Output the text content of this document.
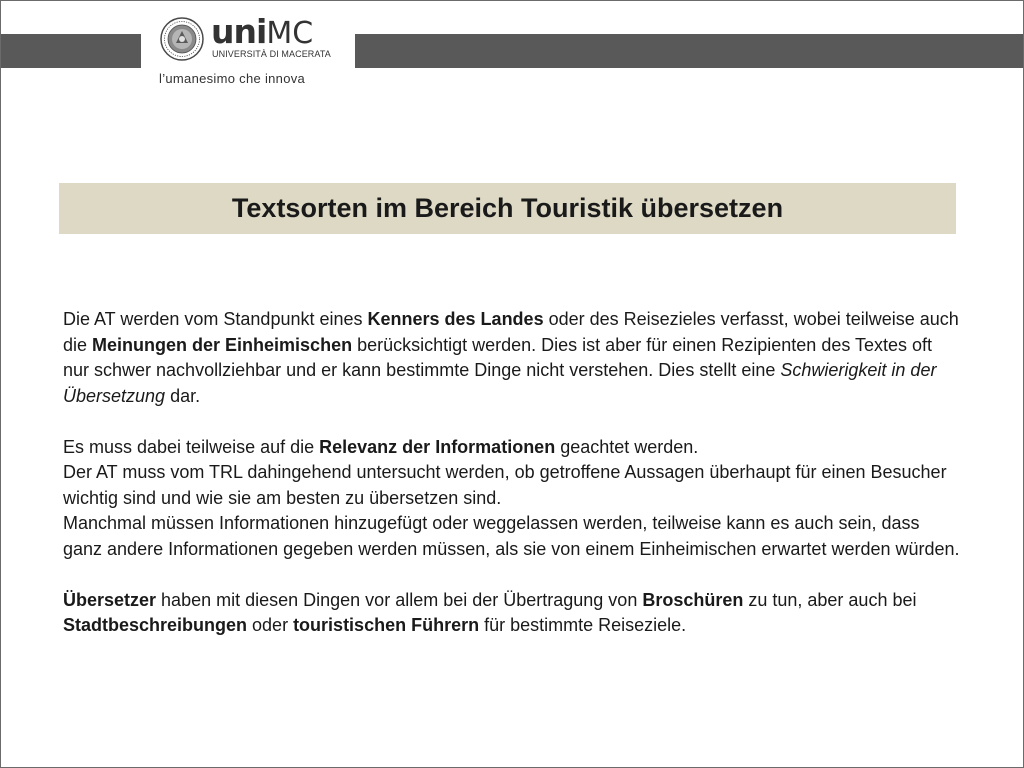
uniMC
UNIVERSITÀ DI MACERATA
l’umanesimo che innova
Textsorten im Bereich Touristik übersetzen

Die AT werden vom Standpunkt eines Kenners des Landes oder des Reisezieles verfasst, wobei teilweise auch die Meinungen der Einheimischen berücksichtigt werden. Dies ist aber für einen Rezipienten des Textes oft nur schwer nachvollziehbar und er kann bestimmte Dinge nicht verstehen. Dies stellt eine Schwierigkeit in der Übersetzung dar.

Es muss dabei teilweise auf die Relevanz der Informationen geachtet werden.

Der AT muss vom TRL dahingehend untersucht werden, ob getroffene Aussagen überhaupt für einen Besucher wichtig sind und wie sie am besten zu übersetzen sind.

Manchmal müssen Informationen hinzugefügt oder weggelassen werden, teilweise kann es auch sein, dass ganz andere Informationen gegeben werden müssen, als sie von einem Einheimischen erwartet werden würden.

Übersetzer haben mit diesen Dingen vor allem bei der Übertragung von Broschüren zu tun, aber auch bei Stadtbeschreibungen oder touristischen Führern für bestimmte Reiseziele.
